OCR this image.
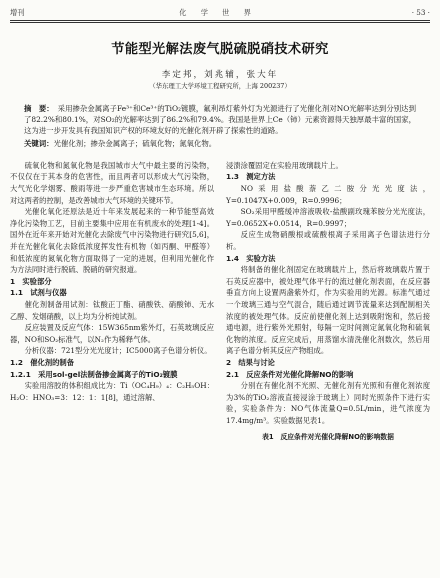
增刊	化 学 世 界	· 53 ·
节能型光解法废气脱硫脱硝技术研究
李定邦，刘兆辅，张大年
（华东理工大学环境工程研究所，上海 200237）
摘　要： 采用掺杂金属离子Fe³⁺和Ce³⁺的TiO₂镀膜，氟利昂灯紫外灯为光源进行了光催化剂对NO光解率达到分别达到了82.2%和80.1%，对SO₂的光解率达到了86.2%和79.4%。我国是世界上Ce（铈）元素资源得天独厚最丰富的国家，这为进一步开发具有我国知识产权的环境友好的光催化剂开辟了探索性的道路。
关键词：光催化剂；掺杂金属离子；硫氧化物；氮氧化物。

硫氧化物和氮氧化物是我国城市大气中最主要的污染物，不仅仅在于其本身的危害性，而且两者可以形成大气污染物，大气光化学烟雾、酸雨等进一步严重危害城市生态环境。所以对这两者的控制，是改善城市大气环境的关键环节。

光催化氧化还原法是近十年来发展起来的一种节能型高效净化污染物工艺，目前主要集中应用在有机废水的处理[1-4]。国外在近年来开始对光催化去除废气中污染物进行研究[5,6]，并在光催化氧化去除低浓度挥发性有机物（如丙酮、甲醛等）和低浓度的氮氧化物方面取得了一定的进展，但利用光催化作为方法同时进行脱硫、脱硝的研究报道。

1　实验部分

1.1　试剂与仪器

催化剂制备用试剂：钛酸正丁酯、硝酸铁、硝酸铈、无水乙醇、发烟硝酸，以上均为分析纯试剂。

反应装置及反应气体：15W365nm紫外灯，石英玻璃反应器，NO和SO₂标准气，以N₂作为稀释气体。

分析仪器：721型分光光度计；IC5000离子色谱分析仪。

1.2　催化剂的制备

1.2.1　采用sol-gel法制备掺金属离子的TiO₂镀膜

实验用溶胶的体积组成比为：Ti（OC₄H₉）₄：C₂H₅OH：H₂O：HNO₃=3：12：1：1[8]，通过溶解、

浸溃涂覆固定在实验用玻璃载片上。

1.3　测定方法

NO采用盐酸萘乙二胺分光光度法，Y=0.1047X+0.009，R=0.9996；

SO₂采用甲醛缓冲溶液吸收-盐酸副玫瑰苯胺分光光度法，Y=0.0652X+0.0514，R=0.9997；

反应生成物硝酸根或硫酸根离子采用离子色谱法进行分析。

1.4　实验方法

将制备的催化剂固定在玻璃载片上，然后将玻璃载片置于石英反应器中，被处理气体平行的流过催化剂表面，在反应器垂直方向上设置两盏紫外灯，作为实验用的光源。标准气通过一个玻璃三通与空气混合，随后通过调节流量来达到配制相关浓度的被处理气体。反应前使催化剂上达到吸附饱和，然后接通电源，进行紫外光照射，每隔一定时间测定氮氧化物和硫氧化物的浓度。反应完成后，用蒸馏水清洗催化剂数次，然后用离子色谱分析其反应产物组成。

2　结果与讨论

2.1　反应条件对光催化降解NO的影响

分别在有催化剂不光照、无催化剂有光照和有催化剂浓度为3%的TiO₂溶液直接浸涂于玻璃上）同时光照条件下进行实验，实验条件为：NO气体流量Q=0.5L/min，进气浓度为17.4mg/m³。实验数据见表1。

表1　反应条件对光催化降解NO的影响数据
